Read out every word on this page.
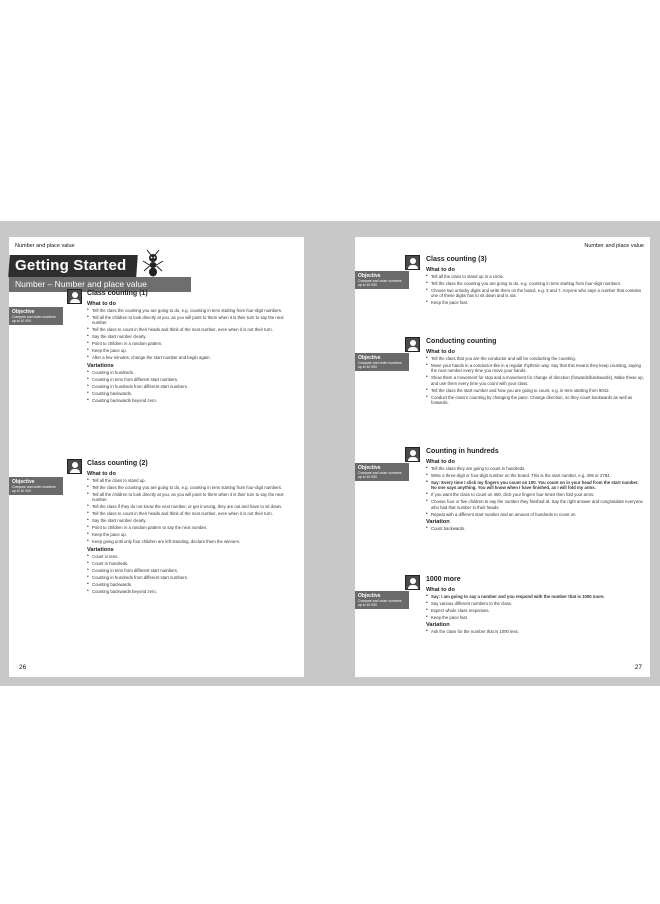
Number and place value
Getting Started
Number – Number and place value
Objective
Compare and order numbers up to 10 000
Class counting (1)
What to do
• Tell the class the counting you are going to do, e.g. counting in tens starting from four-digit numbers.
• Tell all the children to look directly at you, as you will point to them when it is their turn to say the next number.
• Tell the class to count in their heads and think of the next number, even when it is not their turn.
• Say the start number clearly.
• Point to children in a random pattern.
• Keep the pace up.
• After a few minutes, change the start number and begin again.
Variations
• Counting in hundreds.
• Counting in tens from different start numbers.
• Counting in hundreds from different start numbers.
• Counting backwards.
• Counting backwards beyond zero.
Objective
Compare and order numbers up to 10 000
Class counting (2)
What to do
• Tell all the class to stand up.
• Tell the class the counting you are going to do, e.g. counting in tens starting from four-digit numbers.
• Tell all the children to look directly at you, as you will point to them when it is their turn to say the next number.
• Tell the class if they do not know the next number, or get it wrong, they are out and have to sit down.
• Tell the class to count in their heads and think of the next number, even when it is not their turn.
• Say the start number clearly.
• Point to children in a random pattern to say the next number.
• Keep the pace up.
• Keep going until only four children are left standing, declare them the winners.
Variations
• Count in tens.
• Count in hundreds.
• Counting in tens from different start numbers.
• Counting in hundreds from different start numbers.
• Counting backwards.
• Counting backwards beyond zero.
26
Number and place value
Objective
Compare and order numbers up to 10 000
Class counting (3)
What to do
• Tell all the class to stand up in a circle.
• Tell the class the counting you are going to do, e.g. counting in tens starting from four-digit numbers.
• Choose two unlucky digits and write them on the board, e.g. 3 and 7. Anyone who says a number that contains one of these digits has to sit down and is out.
• Keep the pace fast.
Objective
Compare and order numbers up to 10 000
Conducting counting
What to do
• Tell the class that you are the conductor and will be conducting the counting.
• Move your hands in a conductor-like in a regular rhythmic way. Say that this means they keep counting, saying the next number every time you move your hands.
• Show them a movement for stop and a movement for change of direction (forwards/backwards). Make these up, and use them every time you count with your class.
• Tell the class the start number and how you are going to count, e.g. in tens starting from 9042.
• Conduct the class’s counting by changing the pace. Change direction, so they count backwards as well as forwards.
Objective
Compare and order numbers up to 10 000
Counting in hundreds
What to do
• Tell the class they are going to count in hundreds.
• Write a three-digit or four-digit number on the board. This is the start number, e.g. 409 or 2784.
• Say: Every time I click my fingers you count on 100. You count on in your head from the start number. No one says anything. You will know when I have finished, as I will fold my arms.
• If you want the class to count on 400, click your fingers four times then fold your arms.
• Choose four or five children to say the number they finished at. Say the right answer and congratulate everyone who had that number in their heads.
• Repeat with a different start number and an amount of hundreds to count on.
Variation
• Count backwards.
Objective
Compare and order numbers up to 10 000
1000 more
What to do
• Say: I am going to say a number and you respond with the number that is 1000 more.
• Say various different numbers to the class.
• Expect whole class responses.
• Keep the pace fast.
Variation
• Ask the class for the number that is 1000 less.
27
